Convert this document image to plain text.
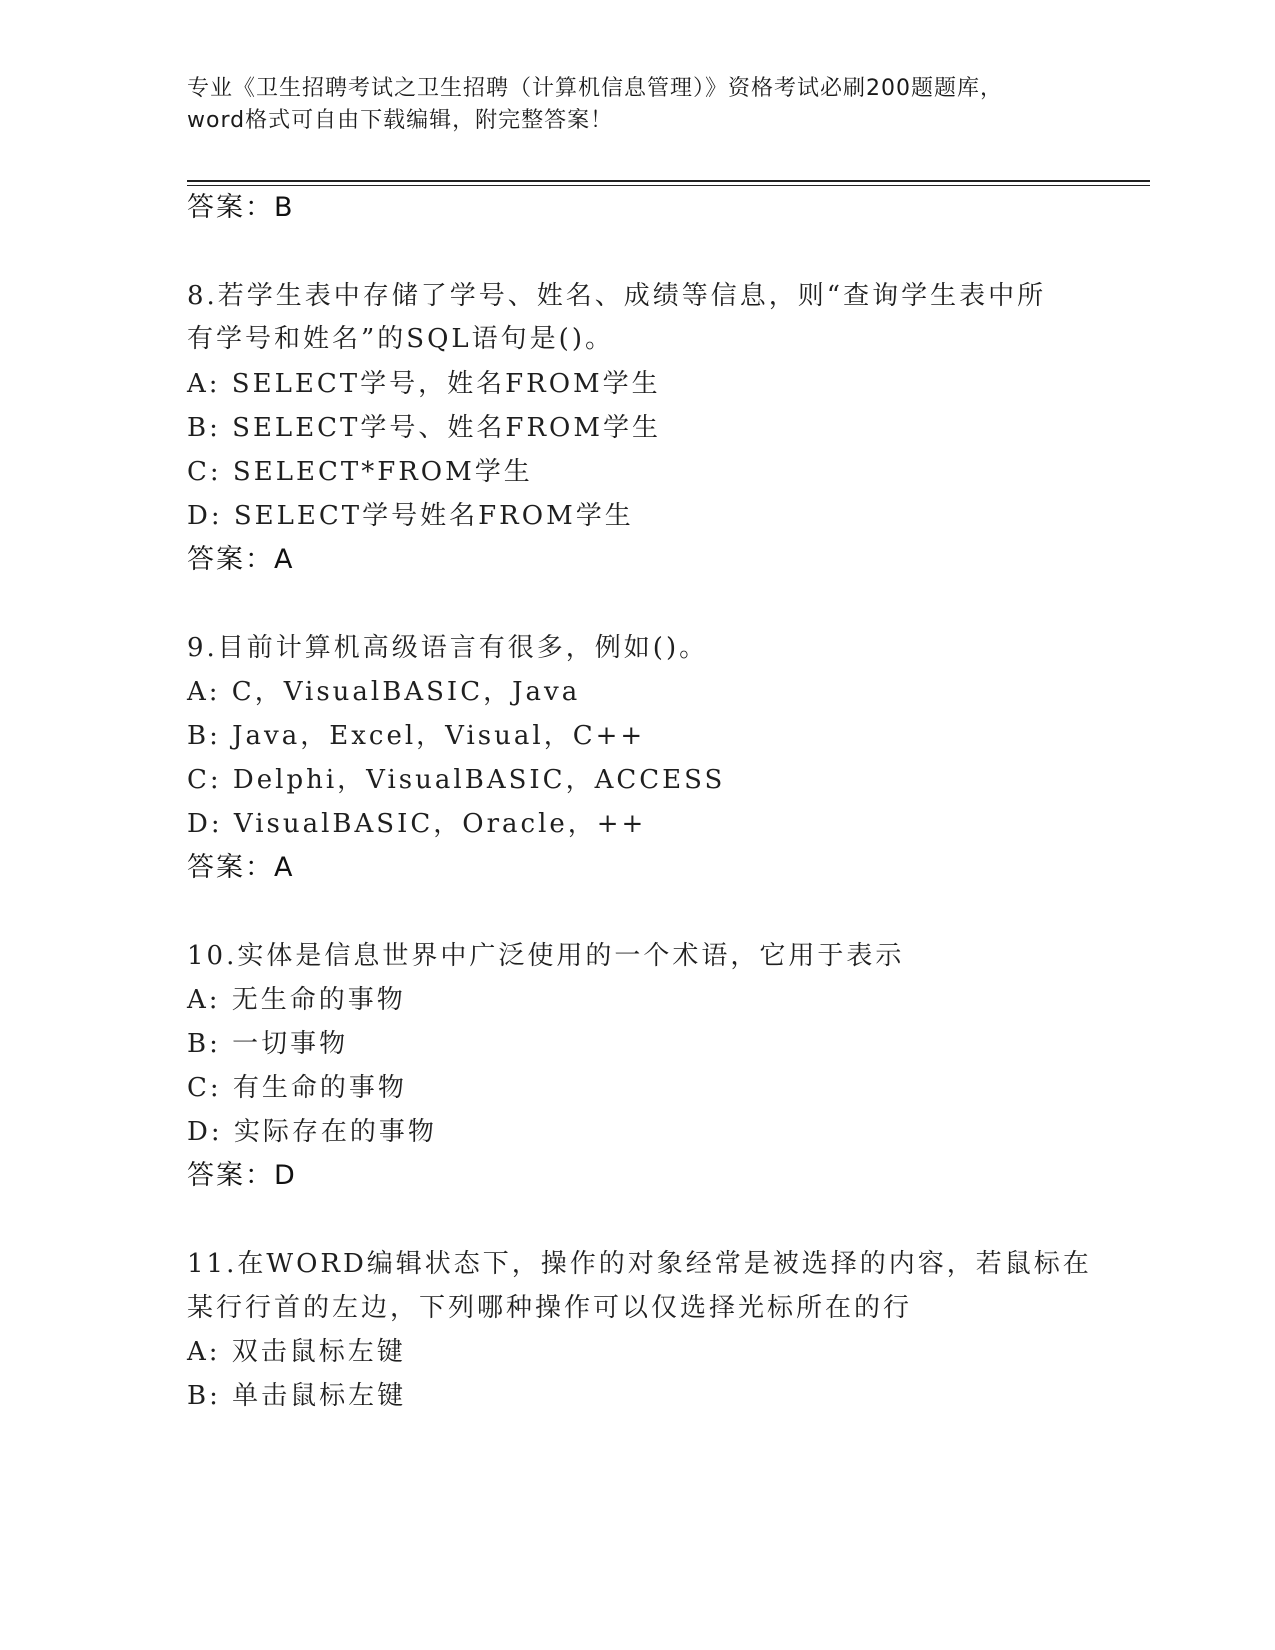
专业《卫生招聘考试之卫生招聘（计算机信息管理）》资格考试必刷200题题库，
word格式可自由下载编辑，附完整答案！
答案：B
8.若学生表中存储了学号、姓名、成绩等信息，则“查询学生表中所
有学号和姓名”的SQL语句是()。
A: SELECT学号，姓名FROM学生
B: SELECT学号、姓名FROM学生
C: SELECT*FROM学生
D: SELECT学号姓名FROM学生
答案：A
9.目前计算机高级语言有很多，例如()。
A: C，VisualBASIC，Java
B: Java，Excel，Visual，C++
C: Delphi，VisualBASIC，ACCESS
D: VisualBASIC，Oracle，++
答案：A
10.实体是信息世界中广泛使用的一个术语，它用于表示
A: 无生命的事物
B: 一切事物
C: 有生命的事物
D: 实际存在的事物
答案：D
11.在WORD编辑状态下，操作的对象经常是被选择的内容，若鼠标在
某行行首的左边，下列哪种操作可以仅选择光标所在的行
A: 双击鼠标左键
B: 单击鼠标左键
